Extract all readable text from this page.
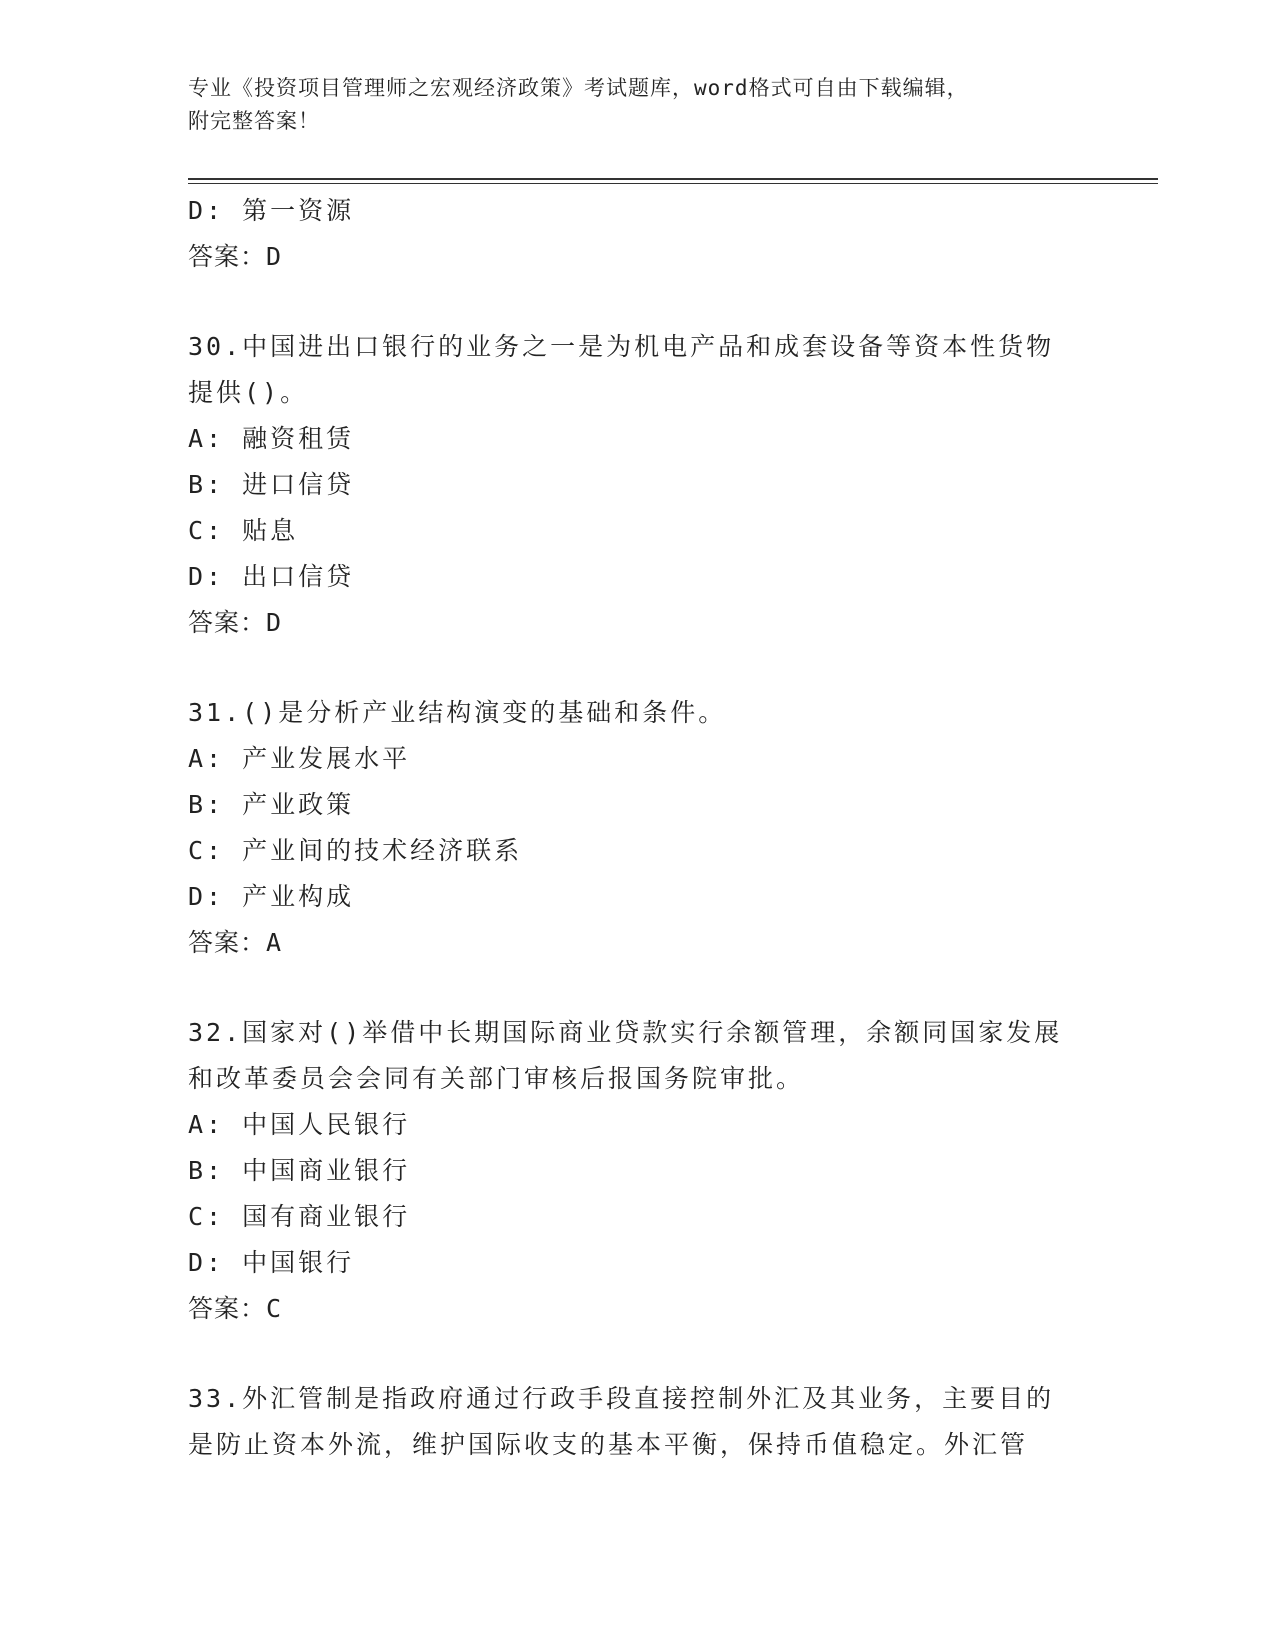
专业《投资项目管理师之宏观经济政策》考试题库，word格式可自由下载编辑，
附完整答案！
D: 第一资源
答案：D
30.中国进出口银行的业务之一是为机电产品和成套设备等资本性货物
提供()。
A: 融资租赁
B: 进口信贷
C: 贴息
D: 出口信贷
答案：D
31.()是分析产业结构演变的基础和条件。
A: 产业发展水平
B: 产业政策
C: 产业间的技术经济联系
D: 产业构成
答案：A
32.国家对()举借中长期国际商业贷款实行余额管理，余额同国家发展
和改革委员会会同有关部门审核后报国务院审批。
A: 中国人民银行
B: 中国商业银行
C: 国有商业银行
D: 中国银行
答案：C
33.外汇管制是指政府通过行政手段直接控制外汇及其业务，主要目的
是防止资本外流，维护国际收支的基本平衡，保持币值稳定。外汇管
